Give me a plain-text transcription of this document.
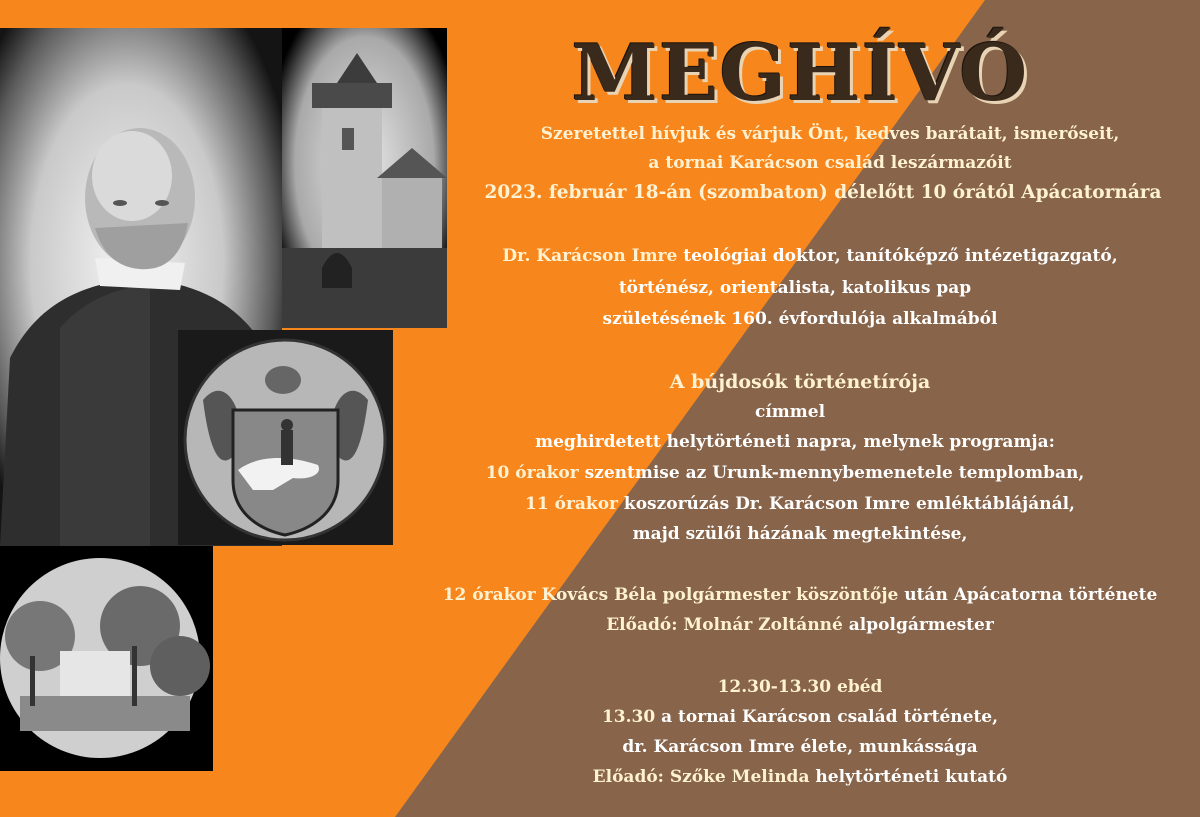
MEGHÍVÓ
Szeretettel hívjuk és várjuk Önt, kedves barátait, ismerőseit,
a tornai Karácson család leszármazóit
2023. február 18-án (szombaton) délelőtt 10 órától Apácatornára
Dr. Karácson Imre teológiai doktor, tanítóképző intézetigazgató,
történész, orientalista, katolikus pap
születésének 160. évfordulója alkalmából
A bújdosók történetírója
címmel
meghirdetett helytörténeti napra, melynek programja:
10 órakor szentmise az Urunk-mennybemenetele templomban,
11 órakor koszorúzás Dr. Karácson Imre emléktáblájánál,
majd szülői házának megtekintése,
12 órakor Kovács Béla polgármester köszöntője után Apácatorna története
Előadó: Molnár Zoltánné alpolgármester
12.30-13.30 ebéd
13.30 a tornai Karácson család története,
dr. Karácson Imre élete, munkássága
Előadó: Szőke Melinda helytörténeti kutató
